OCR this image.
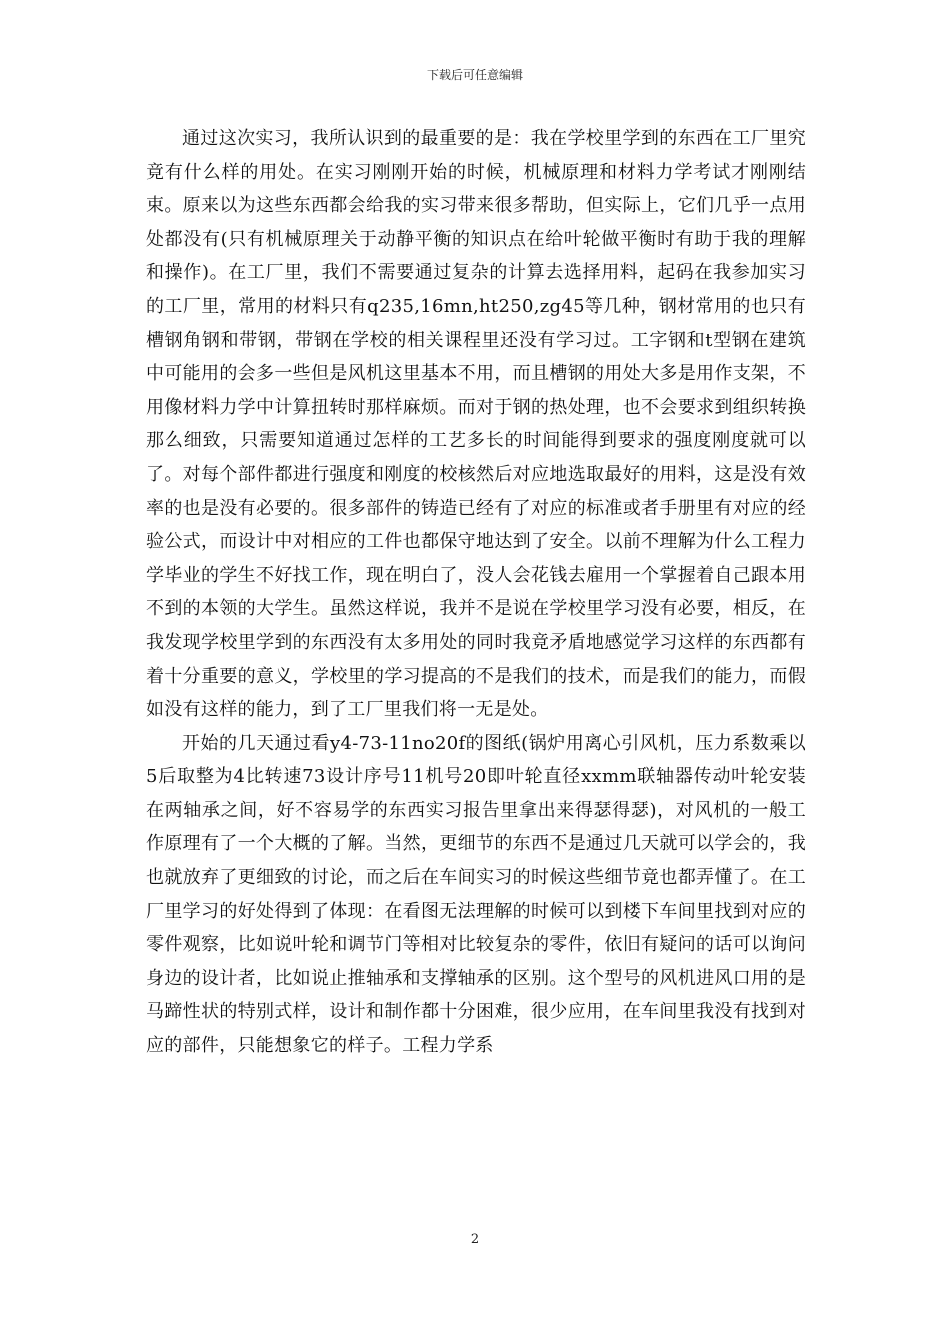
下载后可任意编辑

通过这次实习，我所认识到的最重要的是：我在学校里学到的东西在工厂里究竟有什么样的用处。在实习刚刚开始的时候，机械原理和材料力学考试才刚刚结束。原来以为这些东西都会给我的实习带来很多帮助，但实际上，它们几乎一点用处都没有(只有机械原理关于动静平衡的知识点在给叶轮做平衡时有助于我的理解和操作)。在工厂里，我们不需要通过复杂的计算去选择用料，起码在我参加实习的工厂里，常用的材料只有q235,16mn,ht250,zg45等几种，钢材常用的也只有槽钢角钢和带钢，带钢在学校的相关课程里还没有学习过。工字钢和t型钢在建筑中可能用的会多一些但是风机这里基本不用，而且槽钢的用处大多是用作支架，不用像材料力学中计算扭转时那样麻烦。而对于钢的热处理，也不会要求到组织转换那么细致，只需要知道通过怎样的工艺多长的时间能得到要求的强度刚度就可以了。对每个部件都进行强度和刚度的校核然后对应地选取最好的用料，这是没有效率的也是没有必要的。很多部件的铸造已经有了对应的标准或者手册里有对应的经验公式，而设计中对相应的工件也都保守地达到了安全。以前不理解为什么工程力学毕业的学生不好找工作，现在明白了，没人会花钱去雇用一个掌握着自己跟本用不到的本领的大学生。虽然这样说，我并不是说在学校里学习没有必要，相反，在我发现学校里学到的东西没有太多用处的同时我竟矛盾地感觉学习这样的东西都有着十分重要的意义，学校里的学习提高的不是我们的技术，而是我们的能力，而假如没有这样的能力，到了工厂里我们将一无是处。

开始的几天通过看y4-73-11no20f的图纸(锅炉用离心引风机，压力系数乘以5后取整为4比转速73设计序号11机号20即叶轮直径xxmm联轴器传动叶轮安装在两轴承之间，好不容易学的东西实习报告里拿出来得瑟得瑟)，对风机的一般工作原理有了一个大概的了解。当然，更细节的东西不是通过几天就可以学会的，我也就放弃了更细致的讨论，而之后在车间实习的时候这些细节竟也都弄懂了。在工厂里学习的好处得到了体现：在看图无法理解的时候可以到楼下车间里找到对应的零件观察，比如说叶轮和调节门等相对比较复杂的零件，依旧有疑问的话可以询问身边的设计者，比如说止推轴承和支撑轴承的区别。这个型号的风机进风口用的是马蹄性状的特别式样，设计和制作都十分困难，很少应用，在车间里我没有找到对应的部件，只能想象它的样子。工程力学系

2
